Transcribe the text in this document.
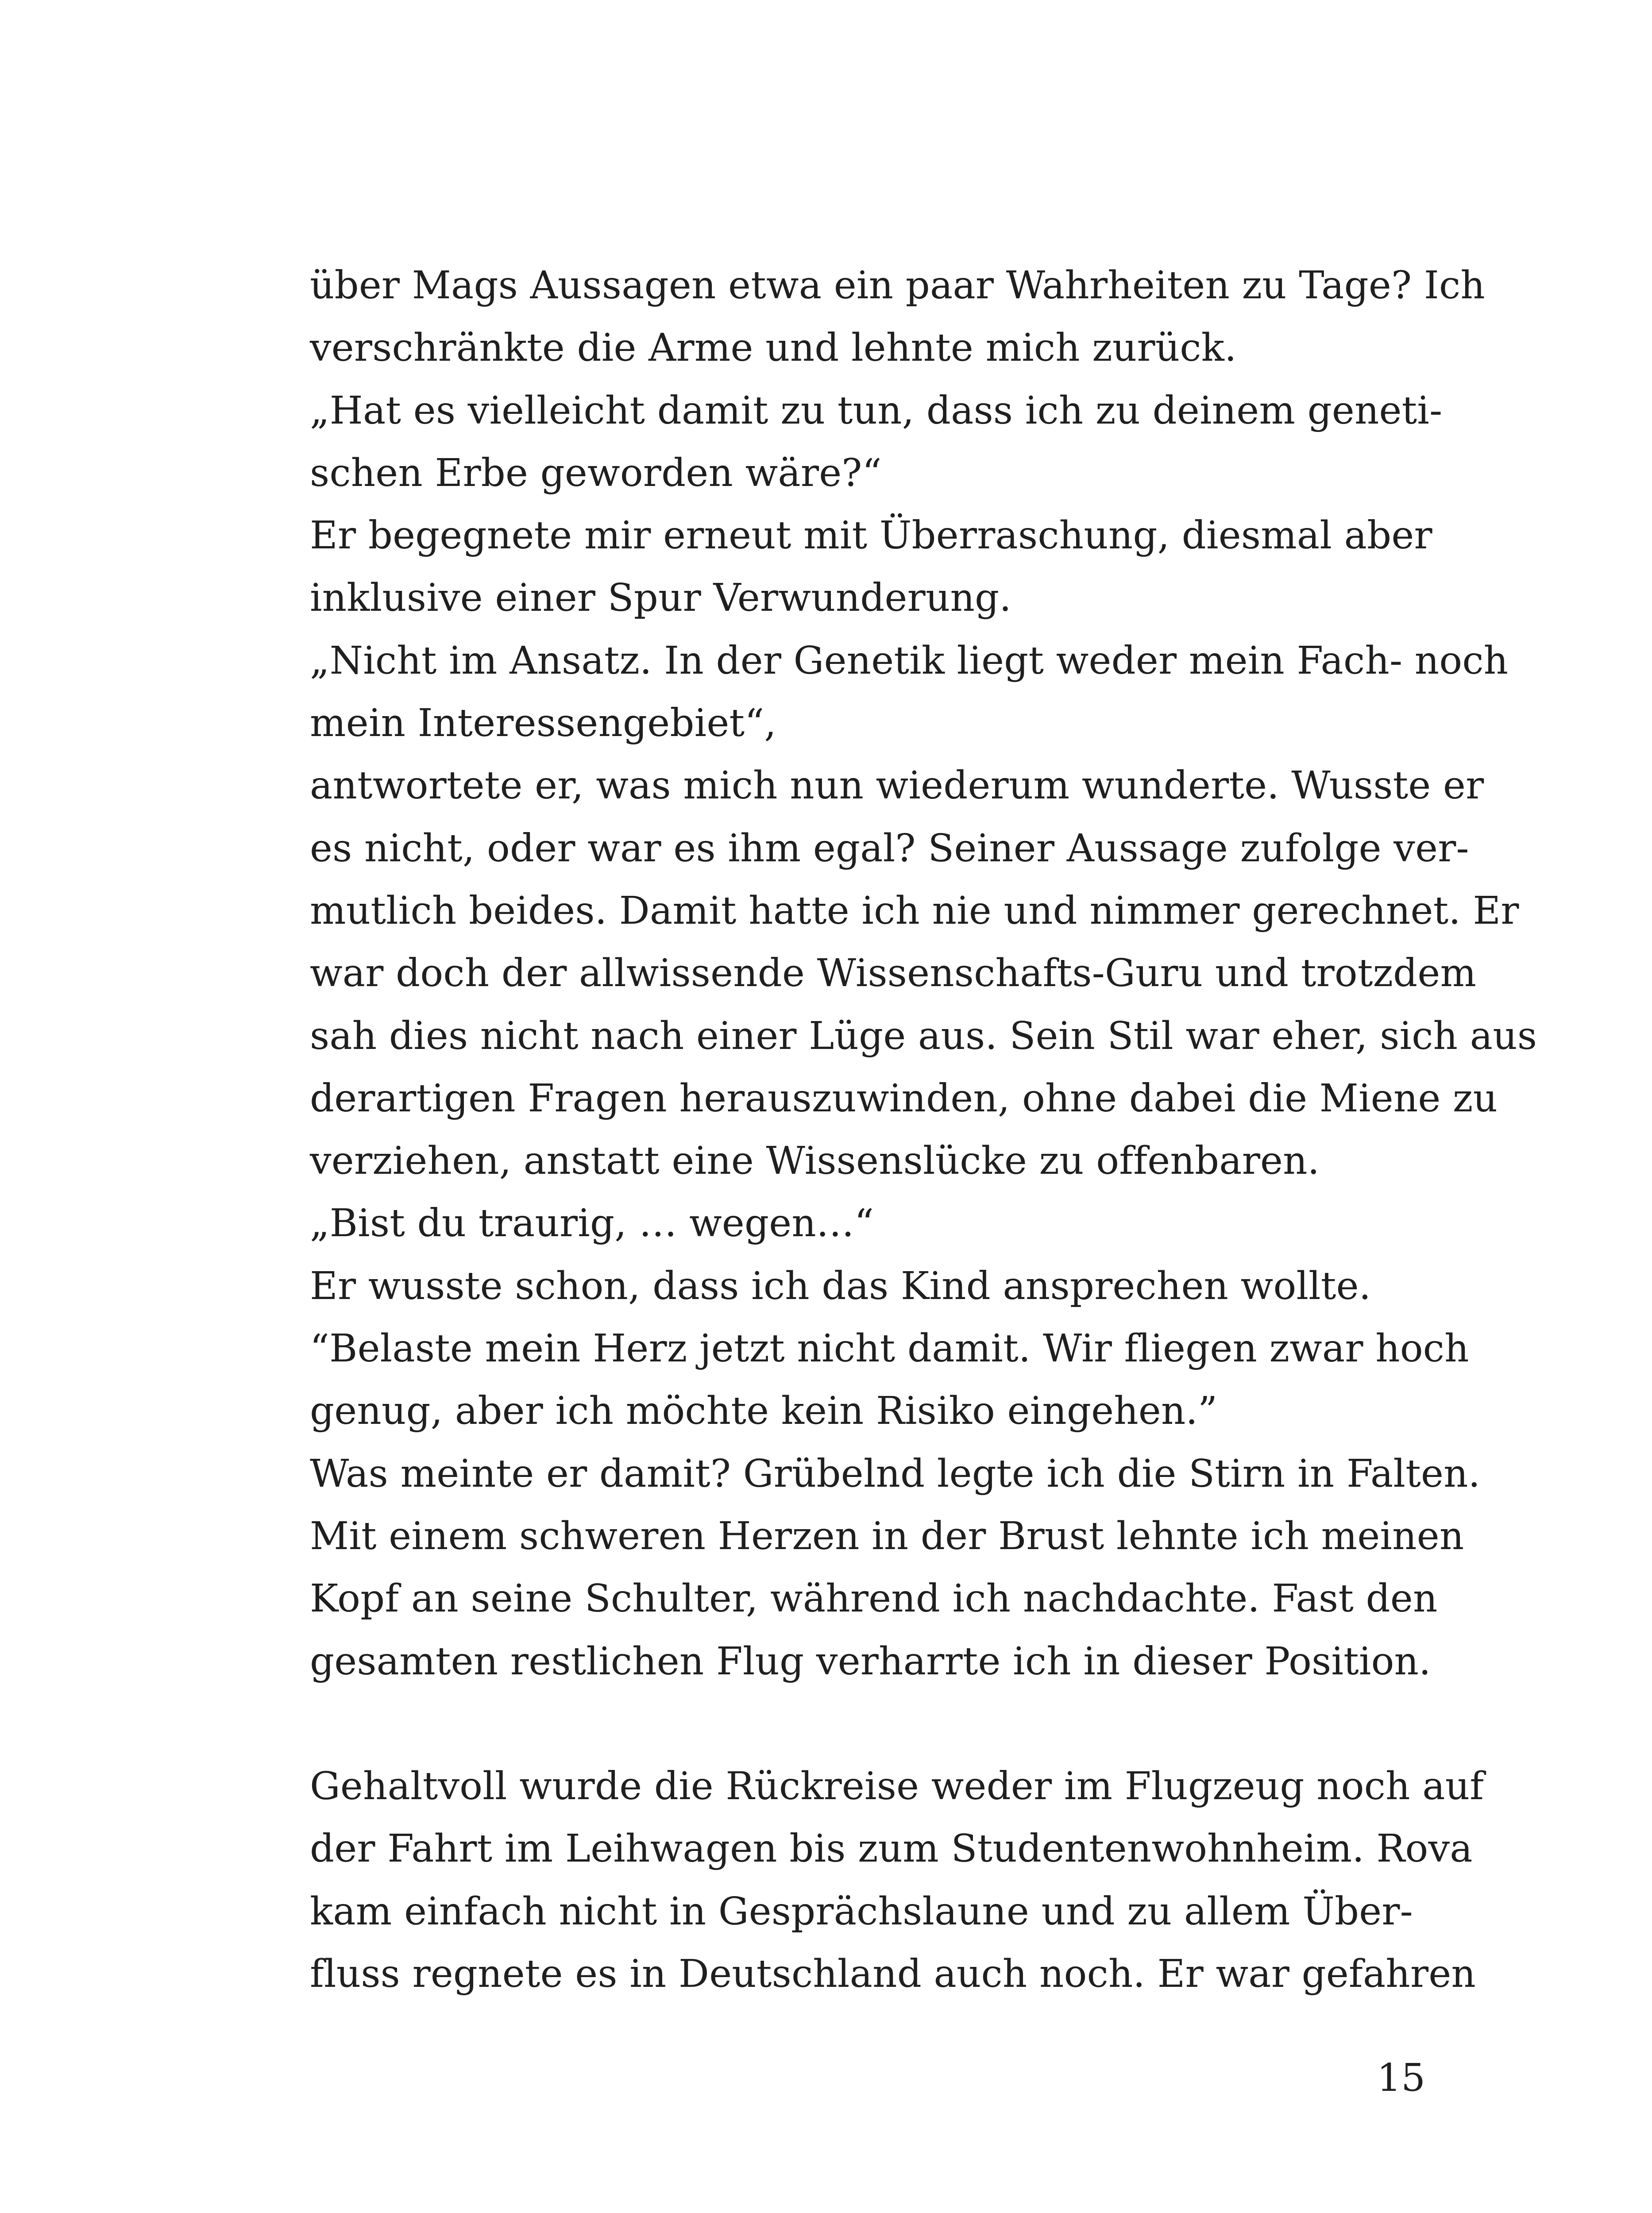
über Mags Aussagen etwa ein paar Wahrheiten zu Tage? Ich
verschränkte die Arme und lehnte mich zurück.
„Hat es vielleicht damit zu tun, dass ich zu deinem geneti-
schen Erbe geworden wäre?“
Er begegnete mir erneut mit Überraschung, diesmal aber
inklusive einer Spur Verwunderung.
„Nicht im Ansatz. In der Genetik liegt weder mein Fach- noch
mein Interessengebiet“,
antwortete er, was mich nun wiederum wunderte. Wusste er
es nicht, oder war es ihm egal? Seiner Aussage zufolge ver-
mutlich beides. Damit hatte ich nie und nimmer gerechnet. Er
war doch der allwissende Wissenschafts-Guru und trotzdem
sah dies nicht nach einer Lüge aus. Sein Stil war eher, sich aus
derartigen Fragen herauszuwinden, ohne dabei die Miene zu
verziehen, anstatt eine Wissenslücke zu offenbaren.
„Bist du traurig, … wegen…“
Er wusste schon, dass ich das Kind ansprechen wollte.
“Belaste mein Herz jetzt nicht damit. Wir fliegen zwar hoch
genug, aber ich möchte kein Risiko eingehen.”
Was meinte er damit? Grübelnd legte ich die Stirn in Falten.
Mit einem schweren Herzen in der Brust lehnte ich meinen
Kopf an seine Schulter, während ich nachdachte. Fast den
gesamten restlichen Flug verharrte ich in dieser Position.
Gehaltvoll wurde die Rückreise weder im Flugzeug noch auf
der Fahrt im Leihwagen bis zum Studentenwohnheim. Rova
kam einfach nicht in Gesprächslaune und zu allem Über-
fluss regnete es in Deutschland auch noch. Er war gefahren
15
